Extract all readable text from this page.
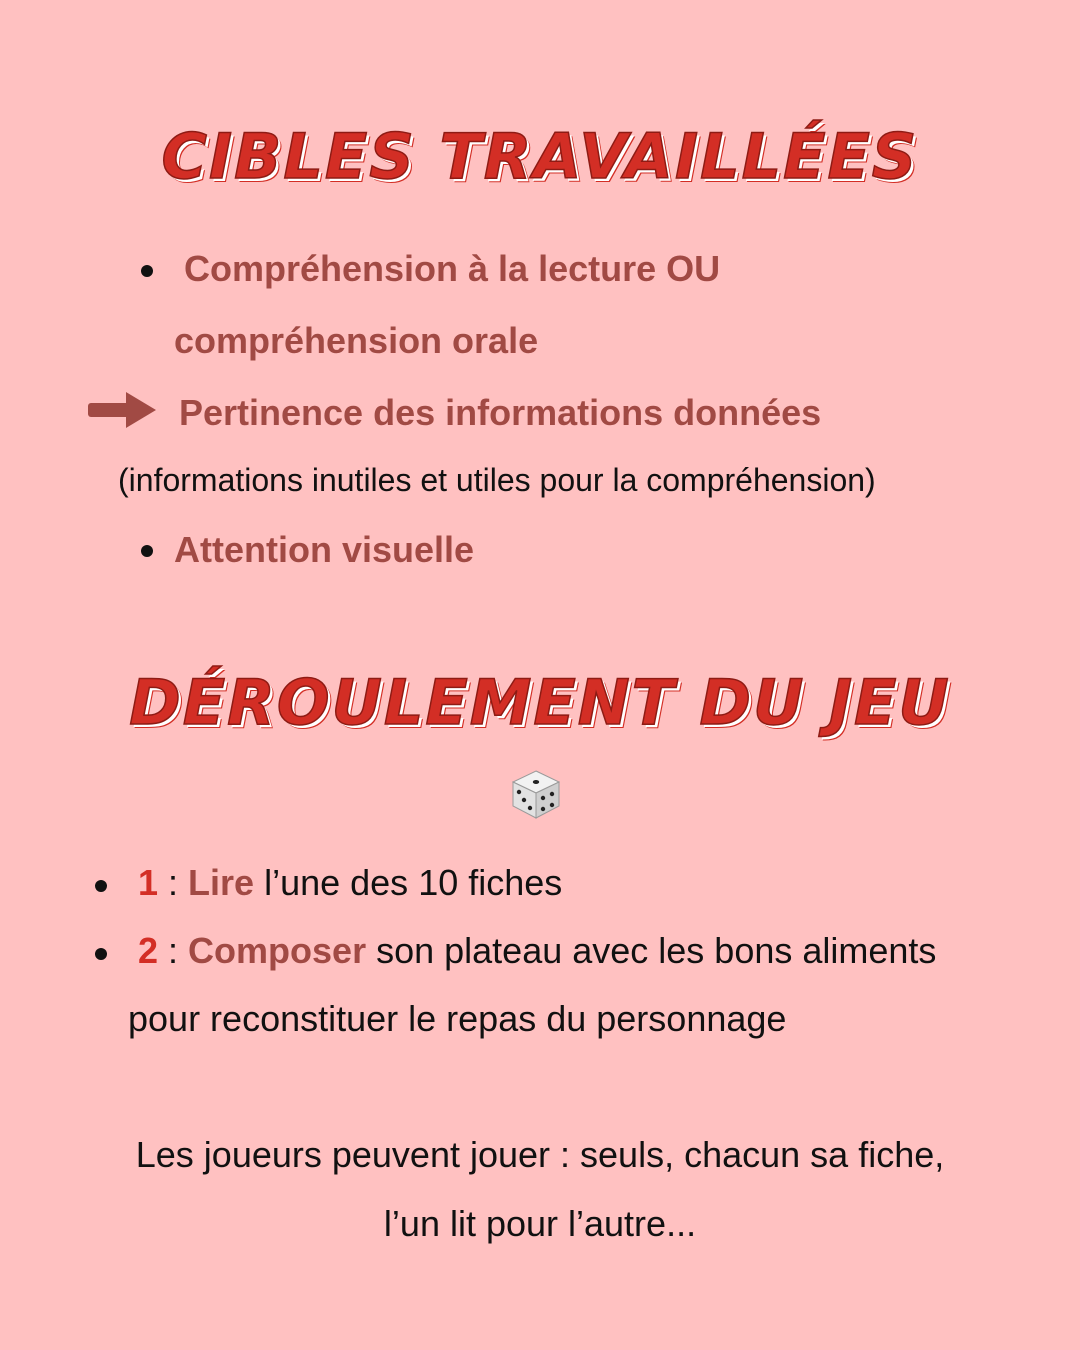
CIBLES TRAVAILLÉES
Compréhension à la lecture OU
compréhension orale
Pertinence des informations données
(informations inutiles et utiles pour la compréhension)
Attention visuelle
DÉROULEMENT DU JEU
1 : Lire l’une des 10 fiches
2 : Composer son plateau avec les bons aliments
pour reconstituer le repas du personnage
Les joueurs peuvent jouer : seuls, chacun sa fiche,
l’un lit pour l’autre...
